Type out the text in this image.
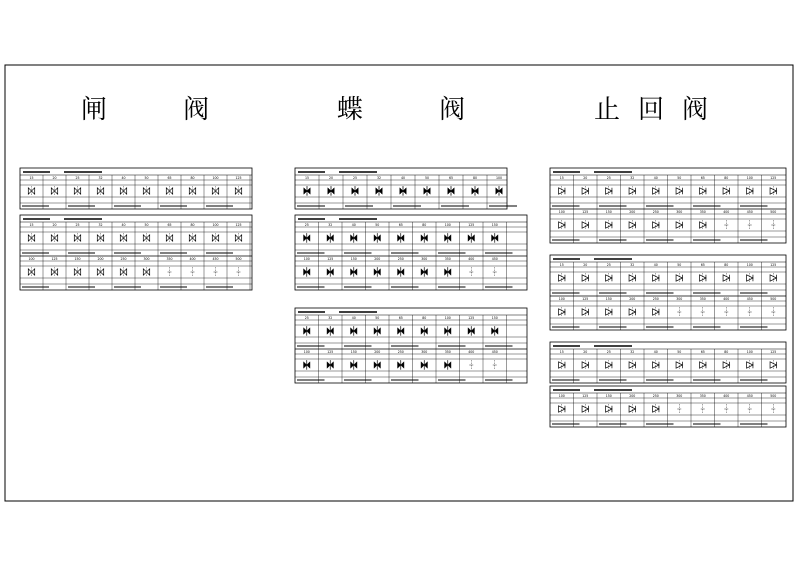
闸 阀	蝶 阀	止回阀
15	20	25	32	40	50	65	80	100	125
15	20	25	32	40	50	65	80	100	125
100	125	150	200	250	300	350	400	450	500
15	20	25	32	40	50	65	80	100
25	32	40	50	65	80	100	125	150
100	125	150	200	250	300	350	400	450
25	32	40	50	65	80	100	125	150
100	125	150	200	250	300	350	400	450
15	20	25	32	40	50	65	80	100	125
100	125	150	200	250	300	350	400	450	500
15	20	25	32	40	50	65	80	100	125
100	125	150	200	250	300	350	400	450	500
15	20	25	32	40	50	65	80	100	125
100	125	150	200	250	300	350	400	450	500
